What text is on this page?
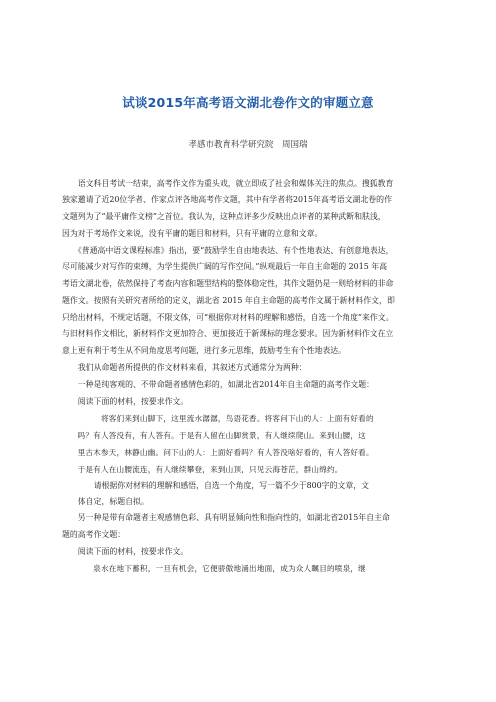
试谈2015年高考语文湖北卷作文的审题立意
孝感市教育科学研究院　周国瑞
　　语文科目考试一结束，高考作文作为重头戏，就立即成了社会和媒体关注的焦点。搜狐教育
独家邀请了近20位学者、作家点评各地高考作文题，其中有学者将2015年高考语文湖北卷的作
文题列为了“最平庸作文榜”之首位。我认为，这种点评多少反映出点评者的某种武断和肤浅，
因为对于考场作文来说，没有平庸的题目和材料，只有平庸的立意和文章。
　　《普通高中语文课程标准》指出，要“鼓励学生自由地表达、有个性地表达、有创意地表达，
尽可能减少对写作的束缚，为学生提供广阔的写作空间。”纵观最后一年自主命题的 2015 年高
考语文湖北卷，依然保持了考查内容和题型结构的整体稳定性，其作文题仍是一则给材料的非命
题作文。按照有关研究者所给的定义，湖北省 2015 年自主命题的高考作文属于新材料作文，即
只给出材料，不规定话题，不限文体，可“根据你对材料的理解和感悟，自选一个角度”来作文。
与旧材料作文相比，新材料作文更加符合、更加接近于新课标的理念要求。因为新材料作文在立
意上更有利于考生从不同角度思考问题，进行多元思维，鼓励考生有个性地表达。
　　我们从命题者所提供的作文材料来看，其叙述方式通常分为两种：
　　一种是纯客观的、不带命题者感情色彩的，如湖北省2014年自主命题的高考作文题：
　　阅读下面的材料，按要求作文。
　　　　　将客们来到山脚下，这里流水潺潺，鸟语花香。将客问下山的人：上面有好看的
　　吗？有人答没有，有人答有。于是有人留在山脚赏景，有人继续爬山。来到山腰，这
　　里古木参天，林静山幽。问下山的人：上面好看吗？有人答没啥好看的，有人答好看。
　　于是有人在山腰流连，有人继续攀登，来到山顶，只见云海苍茫，群山绵约。
　　　　请根据你对材料的理解和感悟，自选一个角度，写一篇不少于800字的文章，文
　　体自定，标题自拟。
　　另一种是带有命题者主观感情色彩、具有明显倾向性和指向性的，如湖北省2015年自主命
题的高考作文题：
　　阅读下面的材料，按要求作文。
　　　　泉水在地下蓄积，一旦有机会，它便骄傲地涌出地面，成为众人瞩目的喷泉，继
